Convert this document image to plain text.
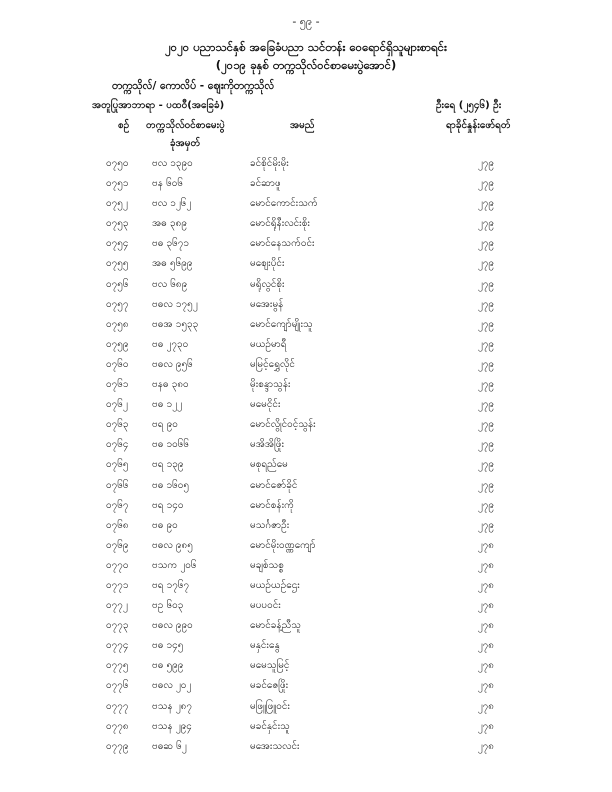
- ၅၉ -
၂၀၂၀ ပညာသင်နှစ် အခြေခံပညာ သင်တန်း ဝေရောင်ရှိသူများစာရင်း
(၂၀၁၉ ခုနှစ် တက္ကသိုလ်ဝင်စာမေးပွဲအောင်)
တက္ကသိုလ်/ ကောလိပ် - ဈေးကိုတက္ကသိုလ်
အတူပြုအာဘာရာ - ပထဝီ(အခြေခံ)	ဦးရေ (၂၅၄၆) ဦး
စဉ် တက္ကသိုလ်ဝင်စာမေးပွဲ	အမည်	ရာခိုင်နှုန်းဖော်ရတ်
ခုံအမှတ်
၀၇၅၀ ဗလ ၁၃၉၀	ခင်စိုင်မိုးမိုး	၂၇၉
၀၇၅၁ ဗန ၆၀၆	ခင်ဆာဖူ	၂၇၉
၀၇၅၂ ဗလ ၁၂၆၂	မောင်ကောင်းသက်	၂၇၉
၀၇၅၃ အဓ ၃၈၉	မောင်ရိုနီးလင်းစိုး	၂၇၉
၀၇၅၄ ဗဓ ၃၆၇၁	မောင်နေသက်ဝင်း	၂၇၉
၀၇၅၅ အဓ ၅၆၉၉	မဈေးပိုင်း	၂၇၉
၀၇၅၆ ဗလ ၆၈၉	မရိုလွင်စိုး	၂၇၉
၀၇၅၇ ဗဓလ ၁၇၅၂	မအေးမွန်	၂၇၉
၀၇၅၈ ဗဓအ ၁၅၃၃	မောင်ကျော်မျိုးသူ	၂၇၉
၀၇၅၉ ဗဓ ၂၇၃၀	မယဉ်မာရီ	၂၇၉
၀၇၆၀ ဗဓလ ၉၅၆	မမြင့်ရွှေလိုင်	၂၇၉
၀၇၆၁ ဗနဓ ၃၈၀	မိုးစန္ဒာသွန်း	၂၇၉
၀၇၆၂ ဗဓ ၁၂၂	မမေငိုင်း	၂၇၉
၀၇၆၃ ဗရ ၉၀	မောင်လွိုင်ဝင့်သွန်း	၂၇၉
၀၇၆၄ ဗဓ ၁၀၆၆	မအိအိဖြိုး	၂၇၉
၀၇၆၅ ဗရ ၁၃၉	မစုရည်မေ	၂၇၉
၀၇၆၆ ဗဓ ၁၆၀၅	မောင်ဇော်ခိုင်	၂၇၉
၀၇၆၇ ဗရ ၁၄၀	မောင်စန်းကို	၂၇၉
၀၇၆၈ ဗဓ ၉၀	မသင်္ဂဇာဦး	၂၇၉
၀၇၆၉ ဗဓလ ၉၈၅	မောင်မိုးဝဏ္ဏကျော်	၂၇၈
၀၇၇၀ ဗသက ၂၀၆	မချစ်သစ္စ	၂၇၈
၀၇၇၁ ဗရ ၁၇၆၇	မယဉ်ယဉ်ဌေး	၂၇၈
၀၇၇၂ ဗဥ ၆၀၃	မပပဝင်း	၂၇၈
၀၇၇၃ ဗဓလ ၉၉၀	မောင်ခန့်ညီသူ	၂၇၈
၀၇၇၄ ဗဓ ၁၄၅	မနှင်းနွေ	၂၇၈
၀၇၇၅ ဗဓ ၅၉၉	မမေသူမြင့်	၂၇၈
၀၇၇၆ ဗဓလ ၂၀၂	မခင်ဇေဖြိုး	၂၇၈
၀၇၇၇ ဗသန ၂၈၇	မဖြူဖြူဝင်း	၂၇၈
၀၇၇၈ ဗသန ၂၉၄	မခင်နှင်းသူ	၂၇၈
၀၇၇၉ ဗဓဆ ၆၂	မအေးသလင်း	၂၇၈
